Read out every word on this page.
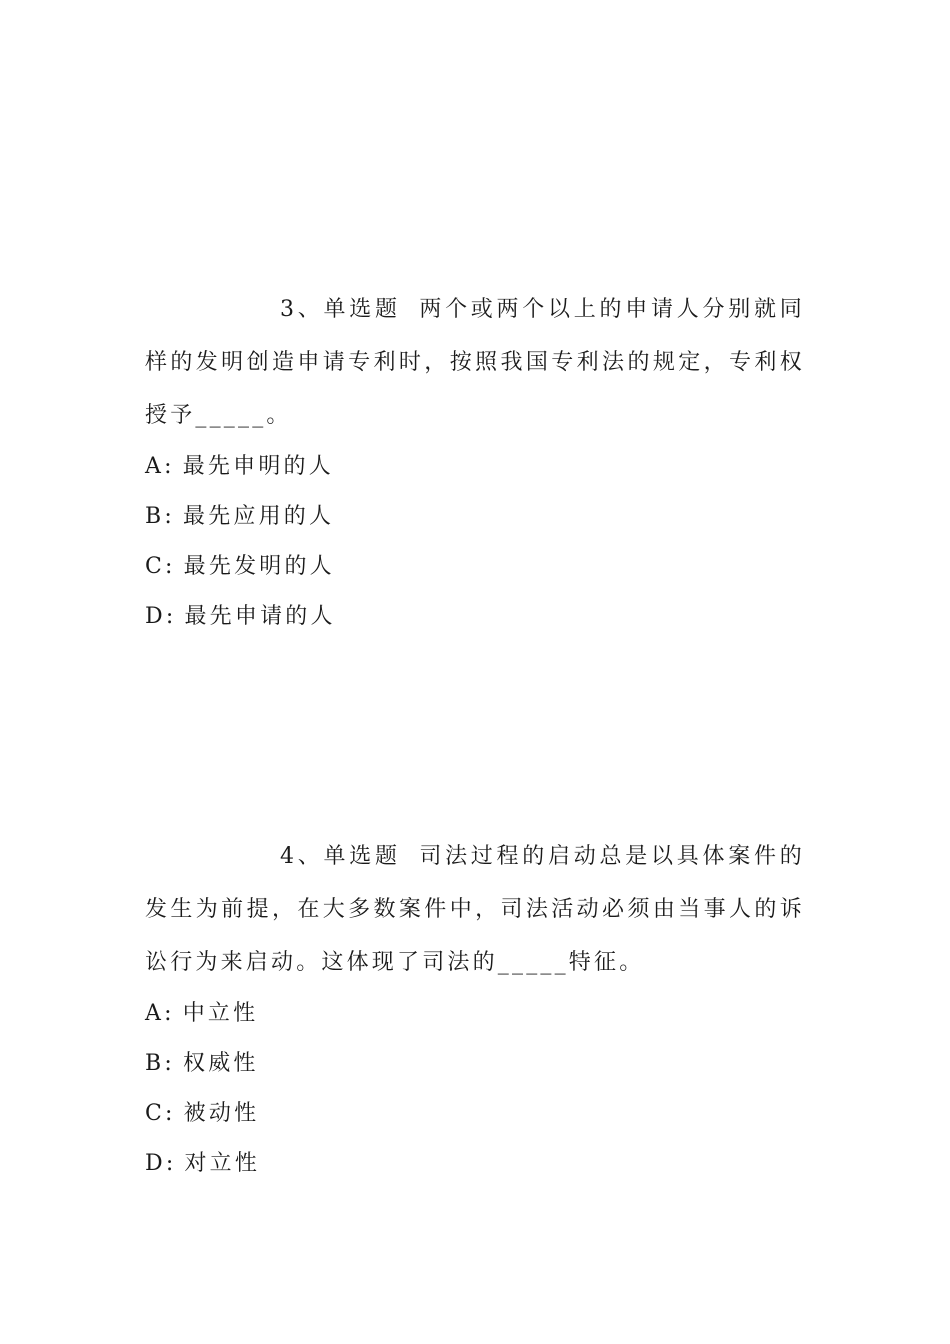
3、单选题 两个或两个以上的申请人分别就同样的发明创造申请专利时，按照我国专利法的规定，专利权授予_____。

A: 最先申明的人
B: 最先应用的人
C: 最先发明的人
D: 最先申请的人

4、单选题 司法过程的启动总是以具体案件的发生为前提，在大多数案件中，司法活动必须由当事人的诉讼行为来启动。这体现了司法的_____特征。

A: 中立性
B: 权威性
C: 被动性
D: 对立性
